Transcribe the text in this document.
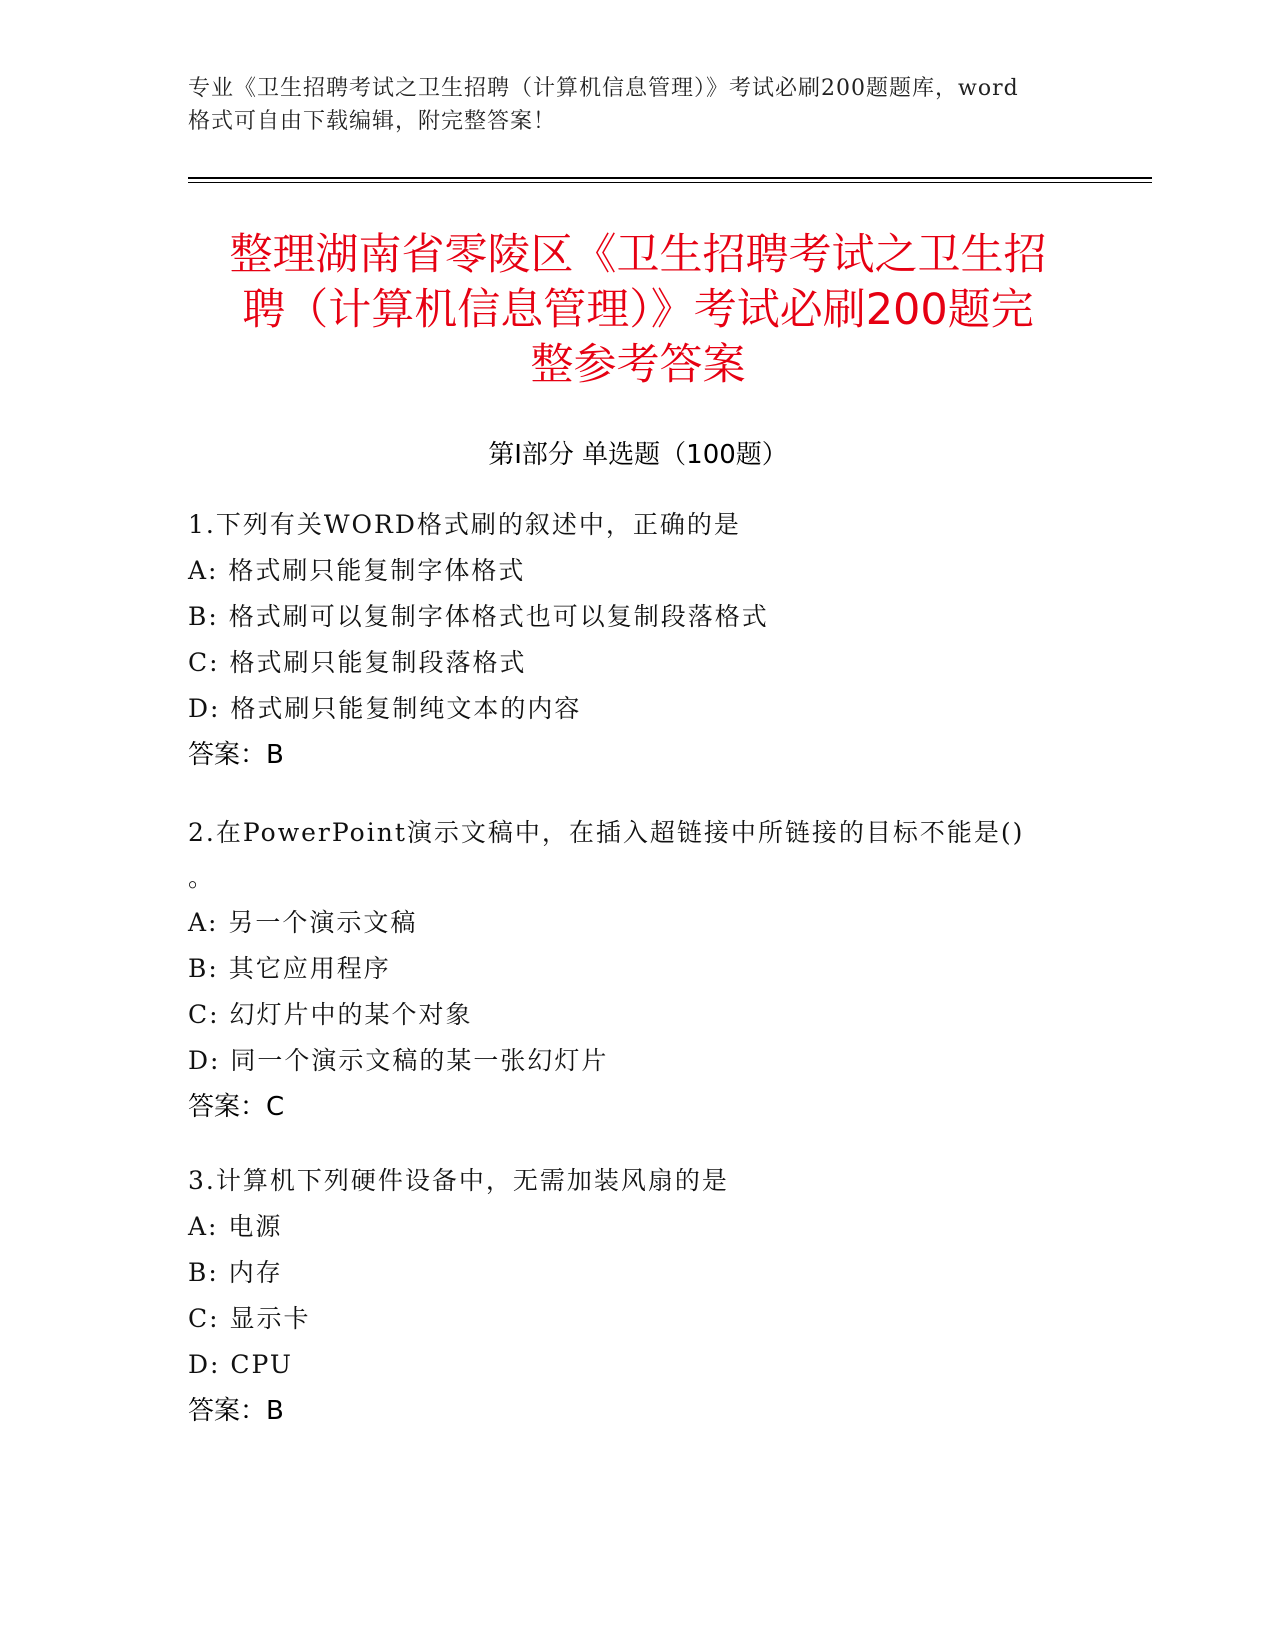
专业《卫生招聘考试之卫生招聘（计算机信息管理）》考试必刷200题题库，word
格式可自由下载编辑，附完整答案！
整理湖南省零陵区《卫生招聘考试之卫生招
聘（计算机信息管理）》考试必刷200题完
整参考答案
第Ⅰ部分 单选题（100题）
1.下列有关WORD格式刷的叙述中，正确的是
A: 格式刷只能复制字体格式
B: 格式刷可以复制字体格式也可以复制段落格式
C: 格式刷只能复制段落格式
D: 格式刷只能复制纯文本的内容
答案：B
2.在PowerPoint演示文稿中，在插入超链接中所链接的目标不能是()
。
A: 另一个演示文稿
B: 其它应用程序
C: 幻灯片中的某个对象
D: 同一个演示文稿的某一张幻灯片
答案：C
3.计算机下列硬件设备中，无需加装风扇的是
A: 电源
B: 内存
C: 显示卡
D: CPU
答案：B
